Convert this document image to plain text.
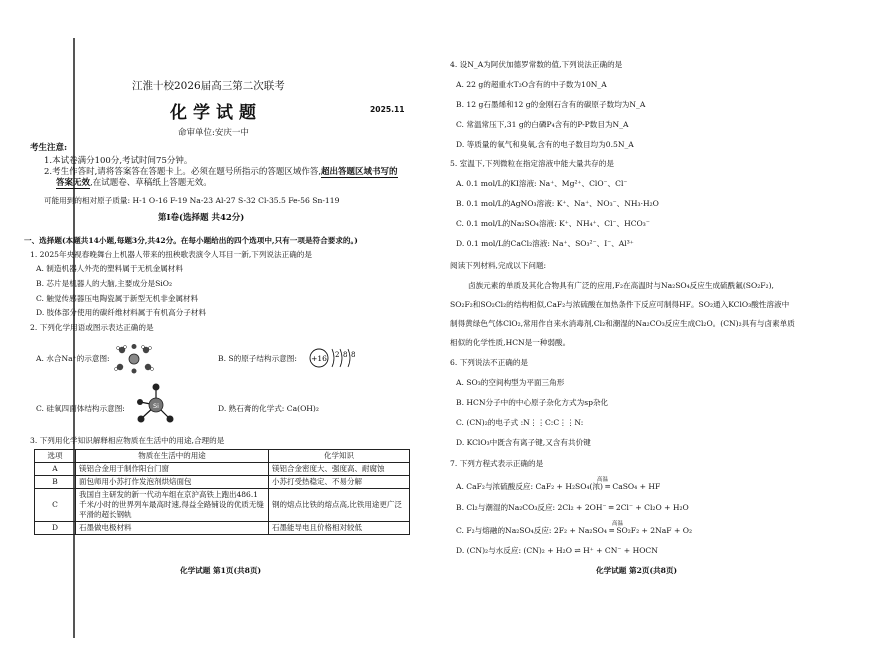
江淮十校2026届高三第二次联考
化学试题	2025.11
命审单位:安庆一中
考生注意:
1.本试卷满分100分,考试时间75分钟。
2.考生作答时,请将答案答在答题卡上。必须在题号所指示的答题区域作答,超出答题区域书写的
答案无效,在试题卷、草稿纸上答题无效。
可能用到的相对原子质量: H-1 O-16 F-19 Na-23 Al-27 S-32 Cl-35.5 Fe-56 Sn-119
第Ⅰ卷(选择题 共42分)
一、选择题(本题共14小题,每题3分,共42分。在每小题给出的四个选项中,只有一项是符合要求的。)
1. 2025年央视春晚舞台上机器人带来的扭秧歌表演令人耳目一新,下列说法正确的是
A. 制造机器人外壳的塑料属于无机金属材料
B. 芯片是机器人的大脑,主要成分是SiO₂
C. 触觉传感器压电陶瓷属于新型无机非金属材料
D. 肢体部分使用的碳纤维材料属于有机高分子材料
2. 下列化学用语或图示表达正确的是
A. 水合Na⁺的示意图:	B. S的原子结构示意图: +16 2 8 8
C. 硅氧四面体结构示意图:	Si	D. 熟石膏的化学式: Ca(OH)₂
3. 下列用化学知识解释相应物质在生活中的用途,合理的是
选项	物质在生活中的用途	化学知识
A	镁铝合金用于制作阳台门窗	镁铝合金密度大、强度高、耐腐蚀
B	面包师用小苏打作发泡剂烘焙面包	小苏打受热稳定、不易分解
C	我国自主研发的新一代动车组在京沪高铁上跑出486.1千米/小时的世界列车最高时速,得益全路铺设的优质无缝平滑的超长钢轨	钢的熔点比铁的熔点高,比铁用途更广泛
D	石墨做电极材料	石墨能导电且价格相对较低
化学试题 第1页(共8页)
4. 设N_A为阿伏加德罗常数的值,下列说法正确的是
A. 22 g的超重水T₂O含有的中子数为10N_A
B. 12 g石墨烯和12 g的金刚石含有的碳原子数均为N_A
C. 常温常压下,31 g的白磷P₄含有的P-P数目为N_A
D. 等质量的氧气和臭氧,含有的电子数目均为0.5N_A
5. 室温下,下列微粒在指定溶液中能大量共存的是
A. 0.1 mol/L的KI溶液: Na⁺、Mg²⁺、ClO⁻、Cl⁻
B. 0.1 mol/L的AgNO₃溶液: K⁺、Na⁺、NO₃⁻、NH₃·H₂O
C. 0.1 mol/L的Na₂SO₄溶液: K⁺、NH₄⁺、Cl⁻、HCO₃⁻
D. 0.1 mol/L的CaCl₂溶液: Na⁺、SO₃²⁻、I⁻、Al³⁺
阅读下列材料,完成以下问题:
卤族元素的单质及其化合物具有广泛的应用,F₂在高温时与Na₂SO₄反应生成硫酰氟(SO₂F₂),
SO₂F₂和SO₂Cl₂的结构相似,CaF₂与浓硫酸在加热条件下反应可制得HF。SO₂通入KClO₃酸性溶液中
制得黄绿色气体ClO₂,常用作自来水消毒剂,Cl₂和潮湿的Na₂CO₃反应生成Cl₂O。(CN)₂具有与卤素单质
相似的化学性质,HCN是一种弱酸。
6. 下列说法不正确的是
A. SO₃的空间构型为平面三角形
B. HCN分子中的中心原子杂化方式为sp杂化
C. (CN)₂的电子式 :N⋮⋮C:C⋮⋮N:
D. KClO₃中既含有离子键,又含有共价键
7. 下列方程式表示正确的是
A. CaF₂与浓硫酸反应: CaF₂ + H₂SO₄(浓) ═ CaSO₄ + HF
高温
B. Cl₂与潮湿的Na₂CO₃反应: 2Cl₂ + 2OH⁻ ═ 2Cl⁻ + Cl₂O + H₂O
C. F₂与熔融的Na₂SO₄反应: 2F₂ + Na₂SO₄ ═ SO₂F₂ + 2NaF + O₂
高温
D. (CN)₂与水反应: (CN)₂ + H₂O ⇌ H⁺ + CN⁻ + HOCN
化学试题 第2页(共8页)
